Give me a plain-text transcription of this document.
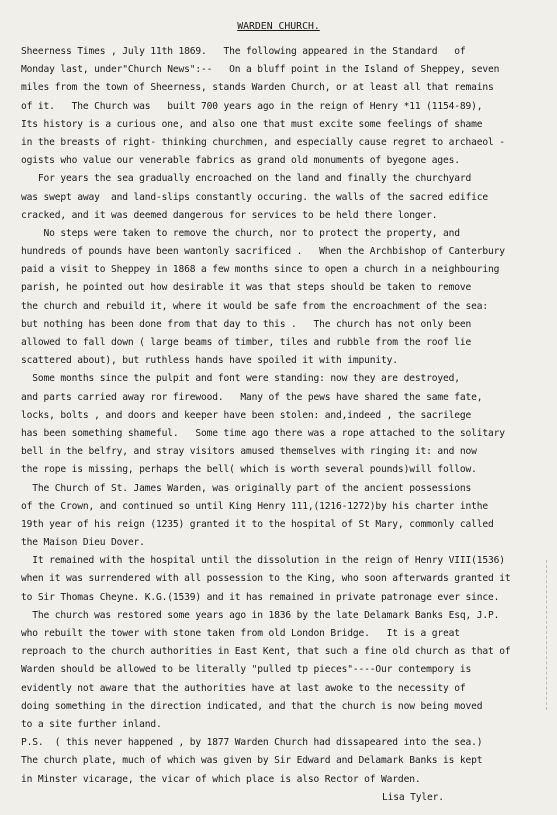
WARDEN CHURCH.
Sheerness Times , July 11th 1869.   The following appeared in the Standard   of
Monday last, under"Church News":--   On a bluff point in the Island of Sheppey, seven
miles from the town of Sheerness, stands Warden Church, or at least all that remains
of it.   The Church was   built 700 years ago in the reign of Henry *11 (1154-89),
Its history is a curious one, and also one that must excite some feelings of shame
in the breasts of right- thinking churchmen, and especially cause regret to archaeol -
ogists who value our venerable fabrics as grand old monuments of byegone ages.
For years the sea gradually encroached on the land and finally the churchyard
was swept away  and land-slips constantly occuring. the walls of the sacred edifice
cracked, and it was deemed dangerous for services to be held there longer.
No steps were taken to remove the church, nor to protect the property, and
hundreds of pounds have been wantonly sacrificed .   When the Archbishop of Canterbury
paid a visit to Sheppey in 1868 a few months since to open a church in a neighbouring
parish, he pointed out how desirable it was that steps should be taken to remove
the church and rebuild it, where it would be safe from the encroachment of the sea:
but nothing has been done from that day to this .   The church has not only been
allowed to fall down ( large beams of timber, tiles and rubble from the roof lie
scattered about), but ruthless hands have spoiled it with impunity.
Some months since the pulpit and font were standing: now they are destroyed,
and parts carried away ror firewood.   Many of the pews have shared the same fate,
locks, bolts , and doors and keeper have been stolen: and,indeed , the sacrilege
has been something shameful.   Some time ago there was a rope attached to the solitary
bell in the belfry, and stray visitors amused themselves with ringing it: and now
the rope is missing, perhaps the bell( which is worth several pounds)will follow.
The Church of St. James Warden, was originally part of the ancient possessions
of the Crown, and continued so until King Henry 111,(1216-1272)by his charter inthe
19th year of his reign (1235) granted it to the hospital of St Mary, commonly called
the Maison Dieu Dover.
It remained with the hospital until the dissolution in the reign of Henry VIII(1536)
when it was surrendered with all possession to the King, who soon afterwards granted it
to Sir Thomas Cheyne. K.G.(1539) and it has remained in private patronage ever since.
The church was restored some years ago in 1836 by the late Delamark Banks Esq, J.P.
who rebuilt the tower with stone taken from old London Bridge.   It is a great
reproach to the church authorities in East Kent, that such a fine old church as that of
Warden should be allowed to be literally "pulled tp pieces"----Our contempory is
evidently not aware that the authorities have at last awoke to the necessity of
doing something in the direction indicated, and that the church is now being moved
to a site further inland.
P.S.  ( this never happened , by 1877 Warden Church had dissapeared into the sea.)
The church plate, much of which was given by Sir Edward and Delamark Banks is kept
in Minster vicarage, the vicar of which place is also Rector of Warden.
Lisa Tyler.
